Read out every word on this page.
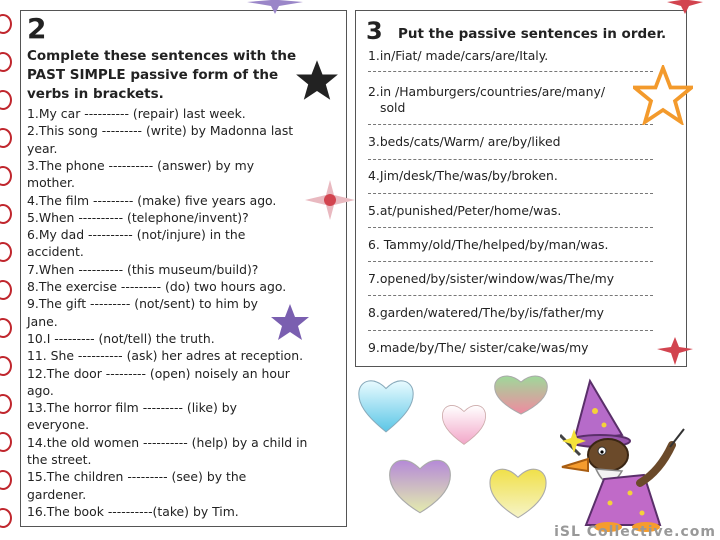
2
Complete these sentences with the
PAST SIMPLE passive form of the
verbs in brackets.
1.My car ---------- (repair) last week.
2.This song --------- (write) by Madonna last
year.
3.The phone ---------- (answer) by my
mother.
4.The film --------- (make) five years ago.
5.When ---------- (telephone/invent)?
6.My dad ---------- (not/injure) in the
accident.
7.When ---------- (this museum/build)?
8.The exercise --------- (do) two hours ago.
9.The gift --------- (not/sent) to him by
Jane.
10.I --------- (not/tell) the truth.
11. She ---------- (ask) her adres at reception.
12.The door --------- (open) noisely an hour
ago.
13.The horror film --------- (like) by
everyone.
14.the old women ---------- (help) by a child in
the street.
15.The children --------- (see) by the
gardener.
16.The book ----------(take) by Tim.
3 Put the passive sentences in order.
1.in/Fiat/ made/cars/are/Italy.
2.in /Hamburgers/countries/are/many/
sold
3.beds/cats/Warm/ are/by/liked
4.Jim/desk/The/was/by/broken.
5.at/punished/Peter/home/was.
6. Tammy/old/The/helped/by/man/was.
7.opened/by/sister/window/was/The/my
8.garden/watered/The/by/is/father/my
9.made/by/The/ sister/cake/was/my
iSL Collective.com
